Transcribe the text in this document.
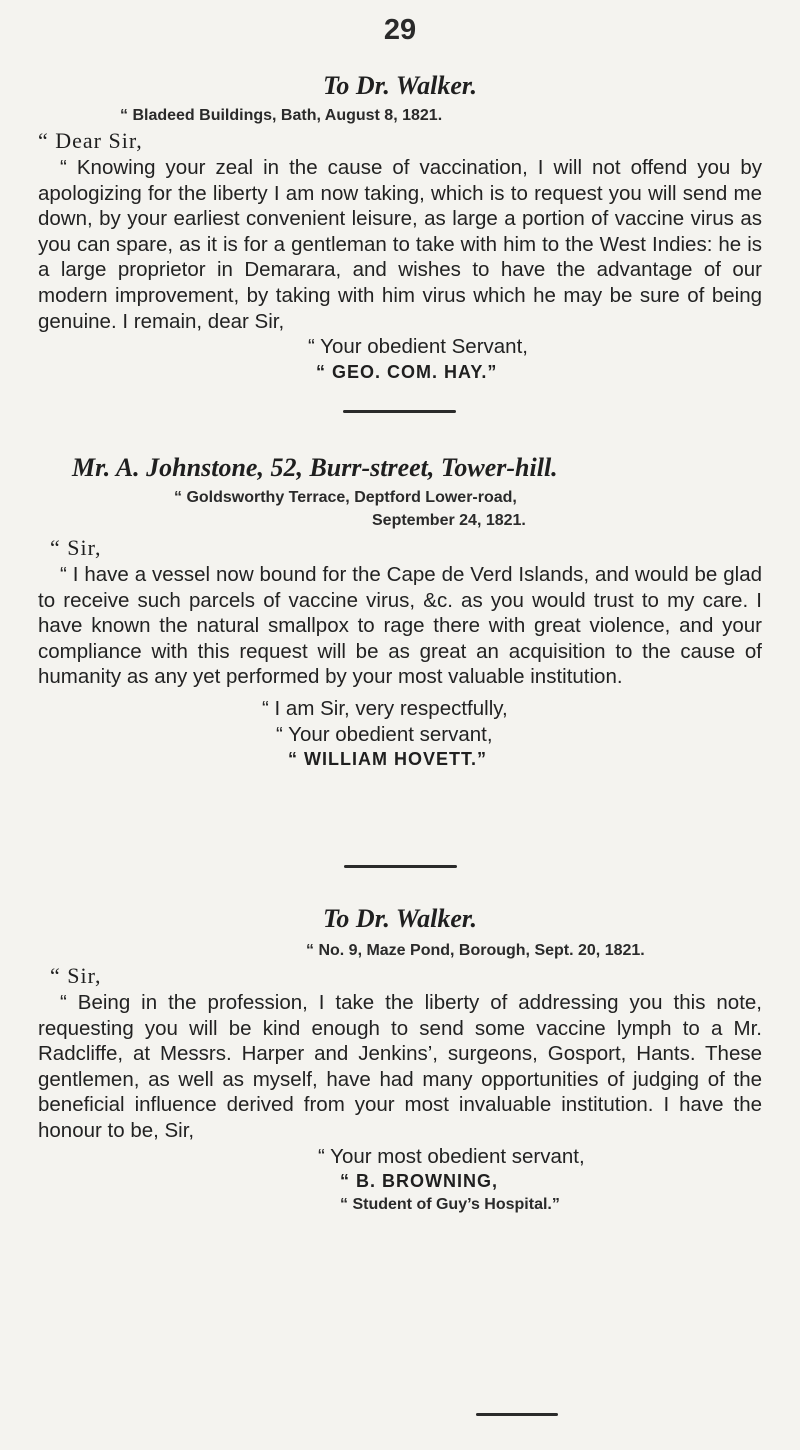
29
To Dr. Walker.
“ Bladeed Buildings, Bath, August 8, 1821.
“ Dear Sir,

“ Knowing your zeal in the cause of vaccination, I will not offend you by apologizing for the liberty I am now taking, which is to request you will send me down, by your earliest convenient leisure, as large a portion of vaccine virus as you can spare, as it is for a gentleman to take with him to the West Indies: he is a large proprietor in Demarara, and wishes to have the advantage of our modern improvement, by taking with him virus which he may be sure of being genuine. I remain, dear Sir,

“ Your obedient Servant,
“ GEO. COM. HAY.”
Mr. A. Johnstone, 52, Burr-street, Tower-hill.
“ Goldsworthy Terrace, Deptford Lower-road,
September 24, 1821.
“ Sir,

“ I have a vessel now bound for the Cape de Verd Islands, and would be glad to receive such parcels of vaccine virus, &c. as you would trust to my care. I have known the natural smallpox to rage there with great violence, and your compliance with this request will be as great an acquisition to the cause of humanity as any yet performed by your most valuable institution.

“ I am Sir, very respectfully,
“ Your obedient servant,
“ WILLIAM HOVETT.”
To Dr. Walker.
“ No. 9, Maze Pond, Borough, Sept. 20, 1821.
“ Sir,

“ Being in the profession, I take the liberty of addressing you this note, requesting you will be kind enough to send some vaccine lymph to a Mr. Radcliffe, at Messrs. Harper and Jenkins’, surgeons, Gosport, Hants. These gentlemen, as well as myself, have had many opportunities of judging of the beneficial influence derived from your most invaluable institution. I have the honour to be, Sir,

“ Your most obedient servant,
“ B. BROWNING,
“ Student of Guy’s Hospital.”
